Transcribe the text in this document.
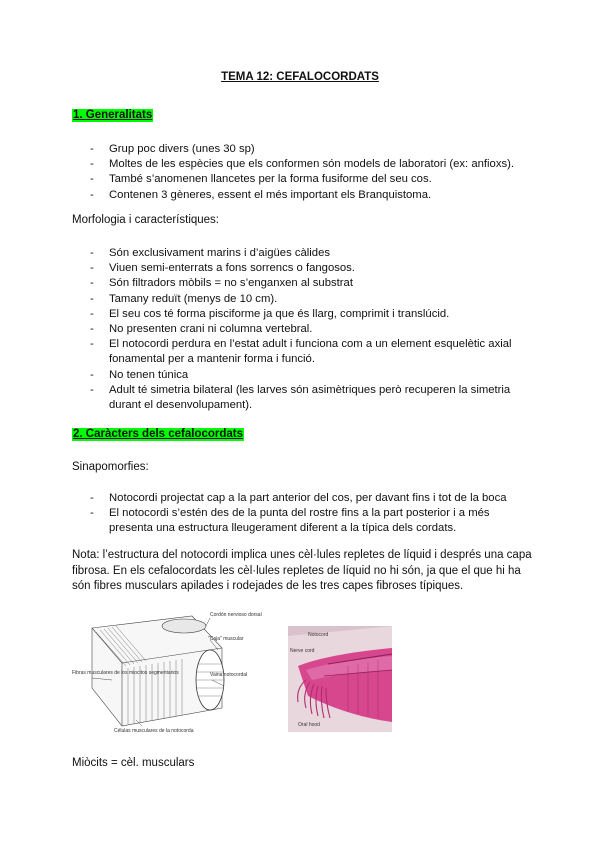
TEMA 12: CEFALOCORDATS
1. Generalitats
- Grup poc divers (unes 30 sp)
- Moltes de les espècies que els conformen són models de laboratori (ex: anfioxs).
- També s’anomenen llancetes per la forma fusiforme del seu cos.
- Contenen 3 gèneres, essent el més important els Branquistoma.
Morfologia i característiques:
- Són exclusivament marins i d’aigües càlides
- Viuen semi-enterrats a fons sorrencs o fangosos.
- Són filtradors mòbils = no s’enganxen al substrat
- Tamany reduït (menys de 10 cm).
- El seu cos té forma pisciforme ja que és llarg, comprimit i translúcid.
- No presenten crani ni columna vertebral.
- El notocordi perdura en l’estat adult i funciona com a un element esquelètic axial fonamental per a mantenir forma i funció.
- No tenen túnica
- Adult té simetria bilateral (les larves són asimètriques però recuperen la simetria durant el desenvolupament).
2. Caràcters dels cefalocordats
Sinapomorfies:
- Notocordi projectat cap a la part anterior del cos, per davant fins i tot de la boca
- El notocordi s’estén des de la punta del rostre fins a la part posterior i a més presenta una estructura lleugerament diferent a la típica dels cordats.
Nota: l’estructura del notocordi implica unes cèl·lules repletes de líquid i després una capa fibrosa. En els cefalocordats les cèl·lules repletes de líquid no hi són, ja que el que hi ha són fibres musculars apilades i rodejades de les tres capes fibroses típiques.
Cordón nervioso dorsal
"Caja" muscular
Vaina notocordal
Fibras musculares de los miocitos segmentarios
Células musculares de la notocorda
Notocord
Nerve cord
Oral hood
Miòcits = cèl. musculars
